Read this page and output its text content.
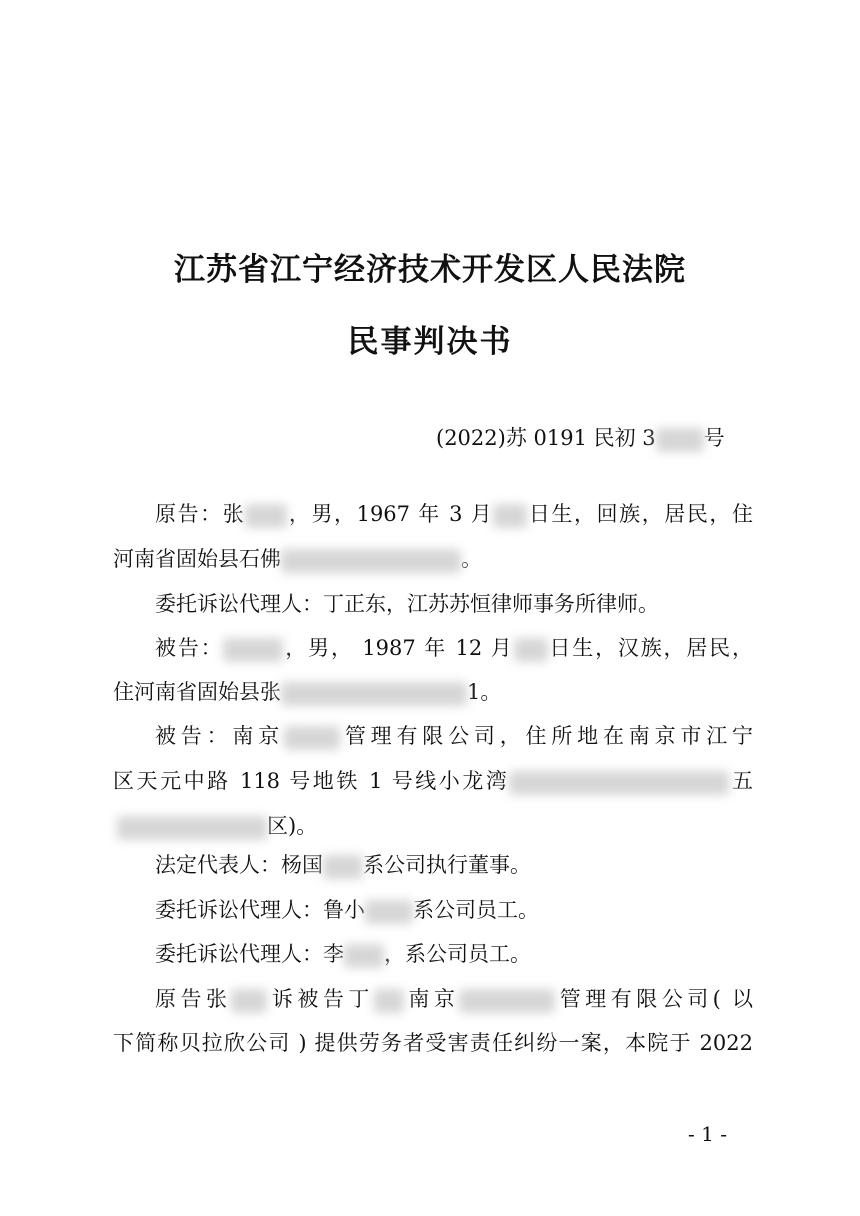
江苏省江宁经济技术开发区人民法院
民事判决书
(2022)苏 0191 民初 3 号
原告：张 ，男，1967 年 3 月 日生，回族，居民，住
河南省固始县石佛	。
委托诉讼代理人：丁正东，江苏苏恒律师事务所律师。
被告：	，男， 1987 年 12 月 日生，汉族，居民，
住河南省固始县张	1。
被告：南京	管理有限公司，住所地在南京市江宁
区天元中路 118 号地铁 1 号线小龙湾	五
区)。
法定代表人：杨国 系公司执行董事。
委托诉讼代理人：鲁小 系公司员工。
委托诉讼代理人：李 ，系公司员工。
原告张 诉被告丁 南京	管理有限公司( 以
下简称贝拉欣公司 ) 提供劳务者受害责任纠纷一案，本院于 2022
- 1 -
